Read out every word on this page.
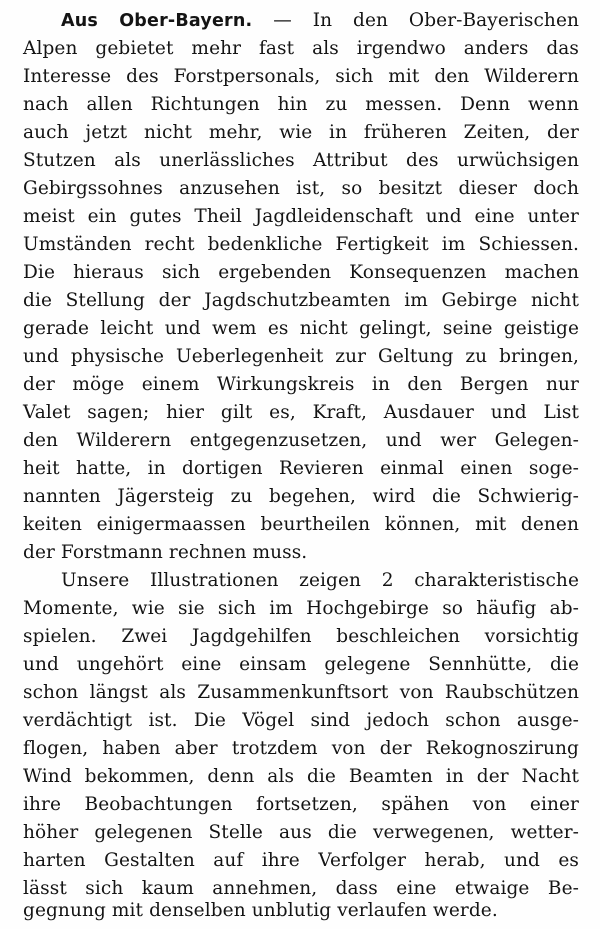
Aus Ober-Bayern. — In den Ober-Bayerischen
Alpen gebietet mehr fast als irgendwo anders das
Interesse des Forstpersonals, sich mit den Wilderern
nach allen Richtungen hin zu messen. Denn wenn
auch jetzt nicht mehr, wie in früheren Zeiten, der
Stutzen als unerlässliches Attribut des urwüchsigen
Gebirgssohnes anzusehen ist, so besitzt dieser doch
meist ein gutes Theil Jagdleidenschaft und eine unter
Umständen recht bedenkliche Fertigkeit im Schiessen.
Die hieraus sich ergebenden Konsequenzen machen
die Stellung der Jagdschutzbeamten im Gebirge nicht
gerade leicht und wem es nicht gelingt, seine geistige
und physische Ueberlegenheit zur Geltung zu bringen,
der möge einem Wirkungskreis in den Bergen nur
Valet sagen; hier gilt es, Kraft, Ausdauer und List
den Wilderern entgegenzusetzen, und wer Gelegen-
heit hatte, in dortigen Revieren einmal einen soge-
nannten Jägersteig zu begehen, wird die Schwierig-
keiten einigermaassen beurtheilen können, mit denen
der Forstmann rechnen muss.
Unsere Illustrationen zeigen 2 charakteristische
Momente, wie sie sich im Hochgebirge so häufig ab-
spielen. Zwei Jagdgehilfen beschleichen vorsichtig
und ungehört eine einsam gelegene Sennhütte, die
schon längst als Zusammenkunftsort von Raubschützen
verdächtigt ist. Die Vögel sind jedoch schon ausge-
flogen, haben aber trotzdem von der Rekognoszirung
Wind bekommen, denn als die Beamten in der Nacht
ihre Beobachtungen fortsetzen, spähen von einer
höher gelegenen Stelle aus die verwegenen, wetter-
harten Gestalten auf ihre Verfolger herab, und es
lässt sich kaum annehmen, dass eine etwaige Be-
gegnung mit denselben unblutig verlaufen werde.
